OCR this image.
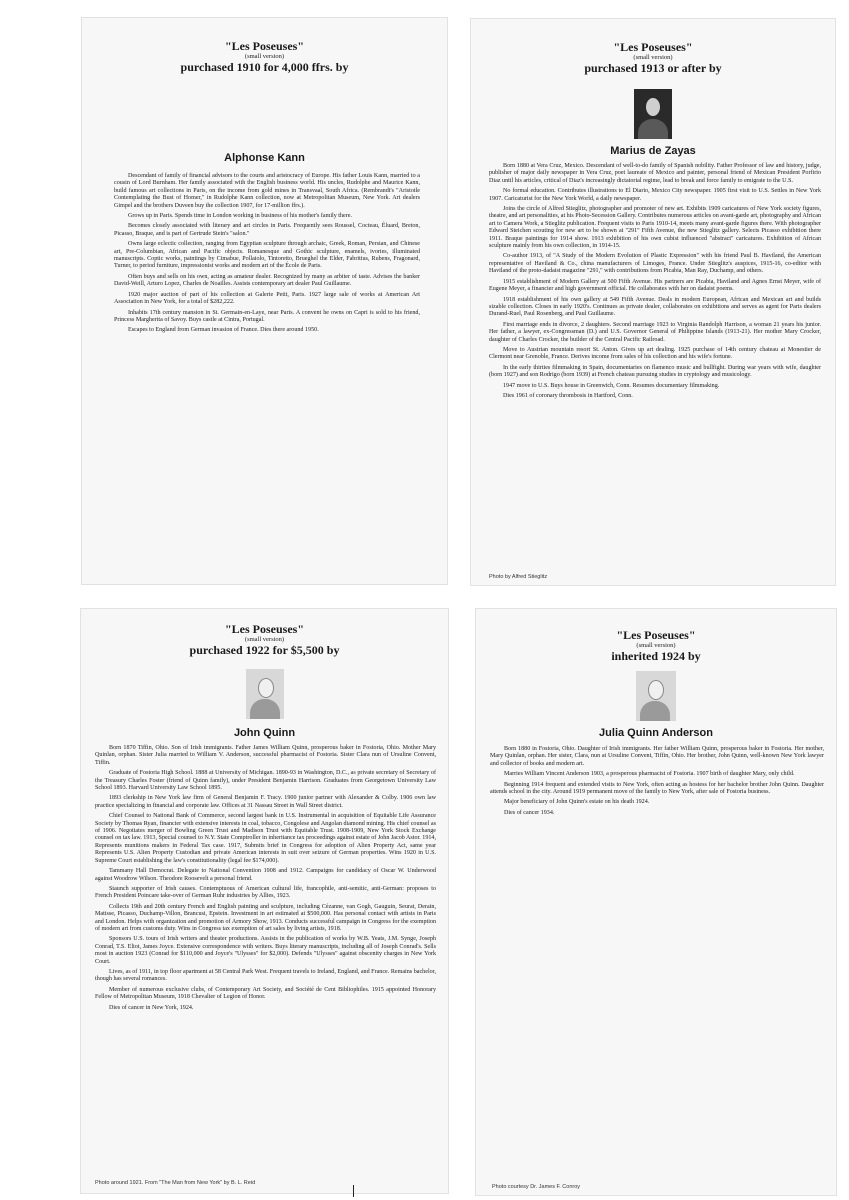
"Les Poseuses"
(small version)
purchased 1910 for 4,000 ffrs. by
Alphonse Kann

Descendant of family of financial advisors to the courts and aristocracy of Europe. His father Louis Kann, married to a cousin of Lord Burnham. Her family associated with the English business world. His uncles, Rudolphe and Maurice Kann, build famous art collections in Paris, on the income from gold mines in Transvaal, South Africa. (Rembrandt's "Aristotle Contemplating the Bust of Homer," in Rudolphe Kann collection, now at Metropolitan Museum, New York. Art dealers Gimpel and the brothers Duveen buy the collection 1907, for 17-million ffrs.).

Grows up in Paris. Spends time in London working in business of his mother's family there.

Becomes closely associated with literary and art circles in Paris. Frequently sees Roussel, Cocteau, Éluard, Breton, Picasso, Braque, and is part of Gertrude Stein's "salon."

Owns large eclectic collection, ranging from Egyptian sculpture through archaic, Greek, Roman, Persian, and Chinese art, Pre-Columbian, African and Pacific objects. Romanesque and Gothic sculpture, enamels, ivories, illuminated manuscripts. Coptic works, paintings by Cimabue, Pollaiolo, Tintoretto, Brueghel the Elder, Fabritius, Rubens, Fragonard, Turner, to period furniture, impressionist works and modern art of the École de Paris.

Often buys and sells on his own, acting as amateur dealer. Recognized by many as arbiter of taste. Advises the banker David-Weill, Arturo Lopez, Charles de Noailles. Assists contemporary art dealer Paul Guillaume.

1920 major auction of part of his collection at Galerie Petit, Paris. 1927 large sale of works at American Art Association in New York, for a total of $282,222.

Inhabits 17th century mansion in St. Germain-en-Laye, near Paris. A convent he owns on Capri is sold to his friend, Princess Margherita of Savoy. Buys castle at Cintra, Portugal.

Escapes to England from German invasion of France. Dies there around 1950.

"Les Poseuses"
(small version)
purchased 1913 or after by
Marius de Zayas

Born 1880 at Vera Cruz, Mexico. Descendant of well-to-do family of Spanish nobility. Father Professor of law and history, judge, publisher of major daily newspaper in Vera Cruz, poet laureate of Mexico and painter, personal friend of Mexican President Porfirio Diaz until his articles, critical of Diaz's increasingly dictatorial regime, lead to break and force family to emigrate to the U.S.

No formal education. Contributes illustrations to El Diario, Mexico City newspaper. 1905 first visit to U.S. Settles in New York 1907. Caricaturist for the New York World, a daily newspaper.

Joins the circle of Alfred Stieglitz, photographer and promoter of new art. Exhibits 1909 caricatures of New York society figures, theatre, and art personalities, at his Photo-Secession Gallery. Contributes numerous articles on avant-garde art, photography and African art to Camera Work, a Stieglitz publication. Frequent visits to Paris 1910-14, meets many avant-garde figures there. With photographer Edward Steichen scouting for new art to be shown at "291" Fifth Avenue, the new Stieglitz gallery. Selects Picasso exhibition there 1911. Braque paintings for 1914 show. 1913 exhibition of his own cubist influenced "abstract" caricatures. Exhibition of African sculpture mainly from his own collection, in 1914-15.

Co-author 1913, of "A Study of the Modern Evolution of Plastic Expression" with his friend Paul B. Haviland, the American representative of Haviland & Co., china manufacturers of Limoges, France. Under Stieglitz's auspices, 1915-16, co-editor with Haviland of the proto-dadaist magazine "291," with contributions from Picabia, Man Ray, Duchamp, and others.

1915 establishment of Modern Gallery at 500 Fifth Avenue. His partners are Picabia, Haviland and Agnes Ernst Meyer, wife of Eugene Meyer, a financier and high government official. He collaborates with her on dadaist poems.

1918 establishment of his own gallery at 549 Fifth Avenue. Deals in modern European, African and Mexican art and builds sizable collection. Closes in early 1920's. Continues as private dealer, collaborates on exhibitions and serves as agent for Paris dealers Durand-Ruel, Paul Rosenberg, and Paul Guillaume.

First marriage ends in divorce, 2 daughters. Second marriage 1923 to Virginia Randolph Harrison, a woman 21 years his junior. Her father, a lawyer, ex-Congressman (D.) and U.S. Governor General of Philippine Islands (1913-21). Her mother Mary Crocker, daughter of Charles Crocker, the builder of the Central Pacific Railroad.

Move to Austrian mountain resort St. Anton. Gives up art dealing. 1925 purchase of 14th century chateau at Monestier de Clermont near Grenoble, France. Derives income from sales of his collection and his wife's fortune.

In the early thirties filmmaking in Spain, documentaries on flamenco music and bullfight. During war years with wife, daughter (born 1927) and son Rodrigo (born 1939) at French chateau pursuing studies in cryptology and musicology.

1947 move to U.S. Buys house in Greenwich, Conn. Resumes documentary filmmaking.

Dies 1961 of coronary thrombosis in Hartford, Conn.

Photo by Alfred Stieglitz
"Les Poseuses"
(small version)
purchased 1922 for $5,500 by
John Quinn

Born 1870 Tiffin, Ohio. Son of Irish immigrants. Father James William Quinn, prosperous baker in Fostoria, Ohio. Mother Mary Quinlan, orphan. Sister Julia married to William V. Anderson, successful pharmacist of Fostoria. Sister Clara nun of Ursuline Convent, Tiffin.

Graduate of Fostoria High School. 1888 at University of Michigan. 1890-93 in Washington, D.C., as private secretary of Secretary of the Treasury Charles Foster (friend of Quinn family), under President Benjamin Harrison. Graduates from Georgetown University Law School 1893. Harvard University Law School 1895.

1893 clerkship in New York law firm of General Benjamin F. Tracy. 1900 junior partner with Alexander & Colby. 1906 own law practice specializing in financial and corporate law. Offices at 31 Nassau Street in Wall Street district.

Chief Counsel to National Bank of Commerce, second largest bank in U.S. Instrumental in acquisition of Equitable Life Assurance Society by Thomas Ryan, financier with extensive interests in coal, tobacco, Congolese and Angolan diamond mining. His chief counsel as of 1906. Negotiates merger of Bowling Green Trust and Madison Trust with Equitable Trust. 1908-1909, New York Stock Exchange counsel on tax law. 1913, Special counsel to N.Y. State Comptroller in inheritance tax proceedings against estate of John Jacob Astor. 1914, Represents munitions makers in Federal Tax case. 1917, Submits brief in Congress for adoption of Alien Property Act, same year Represents U.S. Alien Property Custodian and private American interests in suit over seizure of German properties. Wins 1920 in U.S. Supreme Court establishing the law's constitutionality (legal fee $174,000).

Tammany Hall Democrat. Delegate to National Convention 1908 and 1912. Campaigns for candidacy of Oscar W. Underwood against Woodrow Wilson. Theodore Roosevelt a personal friend.

Staunch supporter of Irish causes. Contemptuous of American cultural life, francophile, anti-semitic, anti-German: proposes to French President Poincare take-over of German Ruhr industries by Allies, 1923.

Collects 19th and 20th century French and English painting and sculpture, including Cézanne, van Gogh, Gauguin, Seurat, Derain, Matisse, Picasso, Duchamp-Villon, Brancusi, Epstein. Investment in art estimated at $500,000. Has personal contact with artists in Paris and London. Helps with organization and promotion of Armory Show, 1913. Conducts successful campaign in Congress for the exemption of modern art from customs duty. Wins in Congress tax exemption of art sales by living artists, 1918.

Sponsors U.S. tours of Irish writers and theater productions. Assists in the publication of works by W.B. Yeats, J.M. Synge, Joseph Conrad, T.S. Eliot, James Joyce. Extensive correspondence with writers. Buys literary manuscripts, including all of Joseph Conrad's. Sells most in auction 1923 (Conrad for $110,000 and Joyce's "Ulysses" for $2,000). Defends "Ulysses" against obscenity charges in New York Court.

Lives, as of 1911, in top floor apartment at 58 Central Park West. Frequent travels to Ireland, England, and France. Remains bachelor, though has several romances.

Member of numerous exclusive clubs, of Contemporary Art Society, and Société de Cent Bibliophiles. 1915 appointed Honorary Fellow of Metropolitan Museum, 1918 Chevalier of Legion of Honor.

Dies of cancer in New York, 1924.

Photo around 1921. From "The Man from New York" by B. L. Reid
"Les Poseuses"
(small version)
inherited 1924 by
Julia Quinn Anderson

Born 1880 in Fostoria, Ohio. Daughter of Irish immigrants. Her father William Quinn, prosperous baker in Fostoria. Her mother, Mary Quinlan, orphan. Her sister, Clara, nun at Ursuline Convent, Tiffin, Ohio. Her brother, John Quinn, well-known New York lawyer and collector of books and modern art.

Marries William Vincent Anderson 1903, a prosperous pharmacist of Fostoria. 1907 birth of daughter Mary, only child.

Beginning 1914 frequent and extended visits to New York, often acting as hostess for her bachelor brother John Quinn. Daughter attends school in the city. Around 1919 permanent move of the family to New York, after sale of Fostoria business.

Major beneficiary of John Quinn's estate on his death 1924.

Dies of cancer 1934.

Photo courtesy Dr. James F. Conroy
